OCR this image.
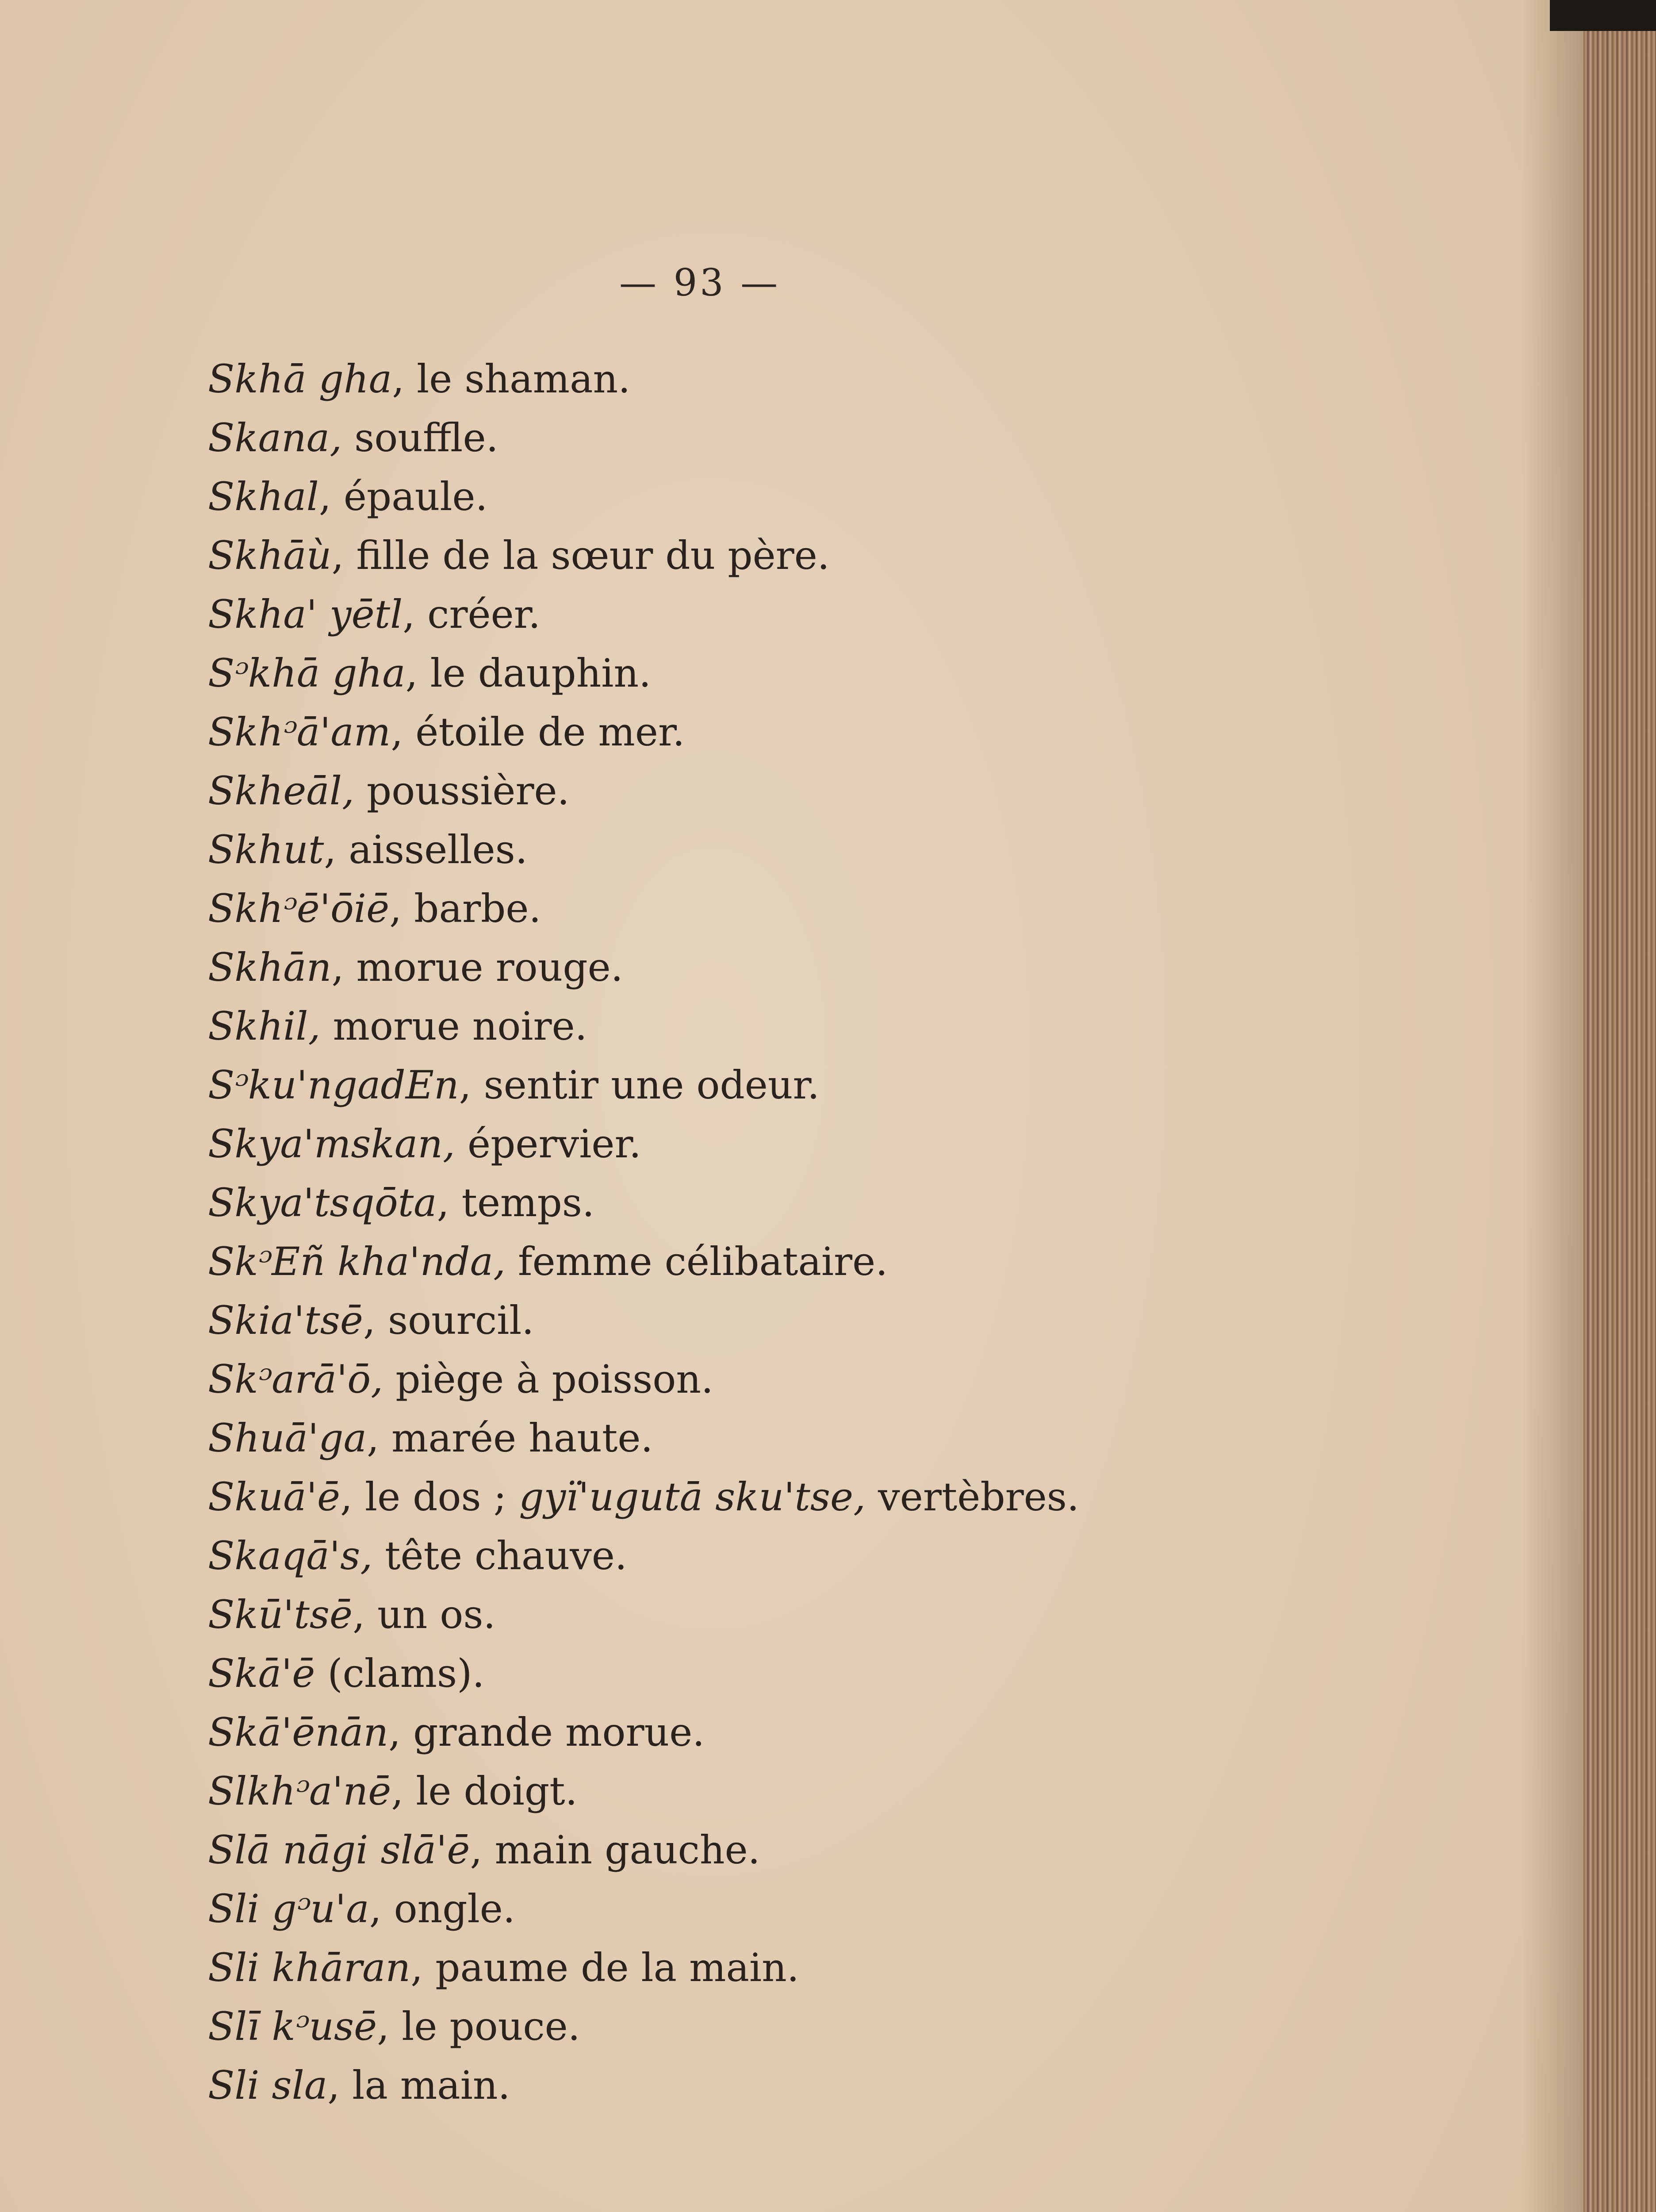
— 93 —
Skhā gha, le shaman.
Skana, souffle.
Skhal, épaule.
Skhāù, fille de la sœur du père.
Skha' yētl, créer.
Sᵓkhā gha, le dauphin.
Skhᵓā'am, étoile de mer.
Skheāl, poussière.
Skhut, aisselles.
Skhᵓē'ōiē, barbe.
Skhān, morue rouge.
Skhil, morue noire.
Sᵓku'ngadEn, sentir une odeur.
Skya'mskan, épervier.
Skya'tsqōta, temps.
SkᵓEñ kha'nda, femme célibataire.
Skia'tsē, sourcil.
Skᵓarā'ō, piège à poisson.
Shuā'ga, marée haute.
Skuā'ē, le dos ; gyï'ugutā sku'tse, vertèbres.
Skaqā's, tête chauve.
Skū'tsē, un os.
Skā'ē (clams).
Skā'ēnān, grande morue.
Slkhᵓa'nē, le doigt.
Slā nāgi slā'ē, main gauche.
Sli gᵓu'a, ongle.
Sli khāran, paume de la main.
Slī kᵓusē, le pouce.
Sli sla, la main.
